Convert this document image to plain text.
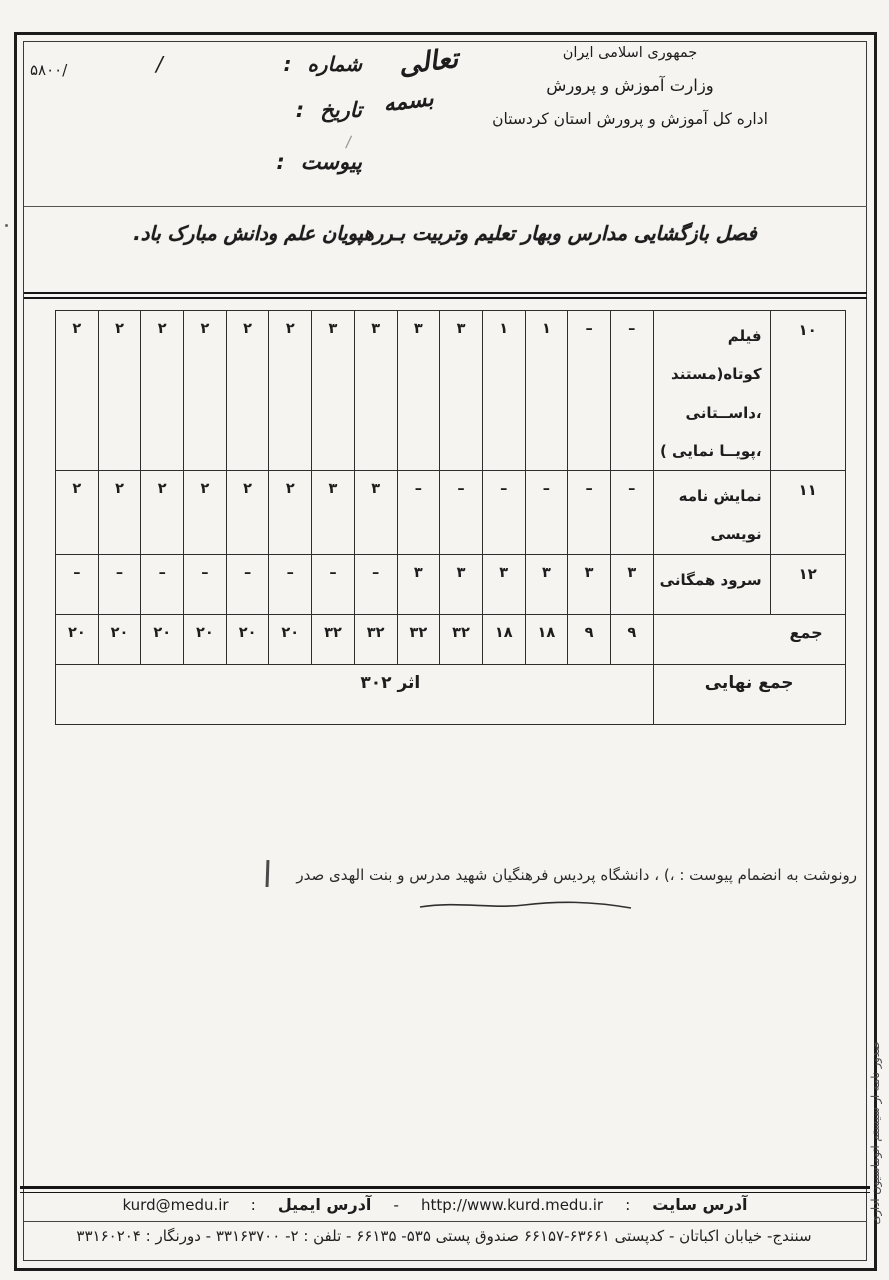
جمهوری اسلامی ایران
وزارت آموزش و پرورش
اداره کل آموزش و پرورش استان کردستان
تعالی
بسمه
شماره
:
تاریخ
:
پیوست
:
۵۸۰۰/	/
/
فصل بازگشایی مدارس وبهار تعلیم وتربیت بـررهپویان علم ودانش مبارک باد.
۱۰	فیلم کوتاه(مستند ،داســتانی ،پویــا نمایی )	–	–	۱	۱	۳	۳	۳	۳	۲	۲	۲	۲	۲	۲
۱۱	نمایش نامه نویسی	–	–	–	–	–	–	۳	۳	۲	۲	۲	۲	۲	۲
۱۲	سرود همگانی	۳	۳	۳	۳	۳	۳	–	–	–	–	–	–	–	–
جمع		۹	۹	۱۸	۱۸	۳۲	۳۲	۳۲	۳۲	۲۰	۲۰	۲۰	۲۰	۲۰	۲۰
جمع نهایی		۳۰۲ اثر													
رونوشت به انضمام پیوست : ،) ، دانشگاه پردیس فرهنگیان شهید مدرس و بنت الهدی صدر
آدرس سایت
:
http://www.kurd.medu.ir
-
آدرس ایمیل
:
kurd@medu.ir
سنندج- خیابان اکباتان - کدپستی ۶۳۶۶۱-۶۶۱۵۷ صندوق پستی ۵۳۵- ۶۶۱۳۵ - تلفن : ۲- ۳۳۱۶۳۷۰۰ - دورنگار : ۳۳۱۶۰۲۰۴
صدور نامه از سیستم اتوماسیون اداری
